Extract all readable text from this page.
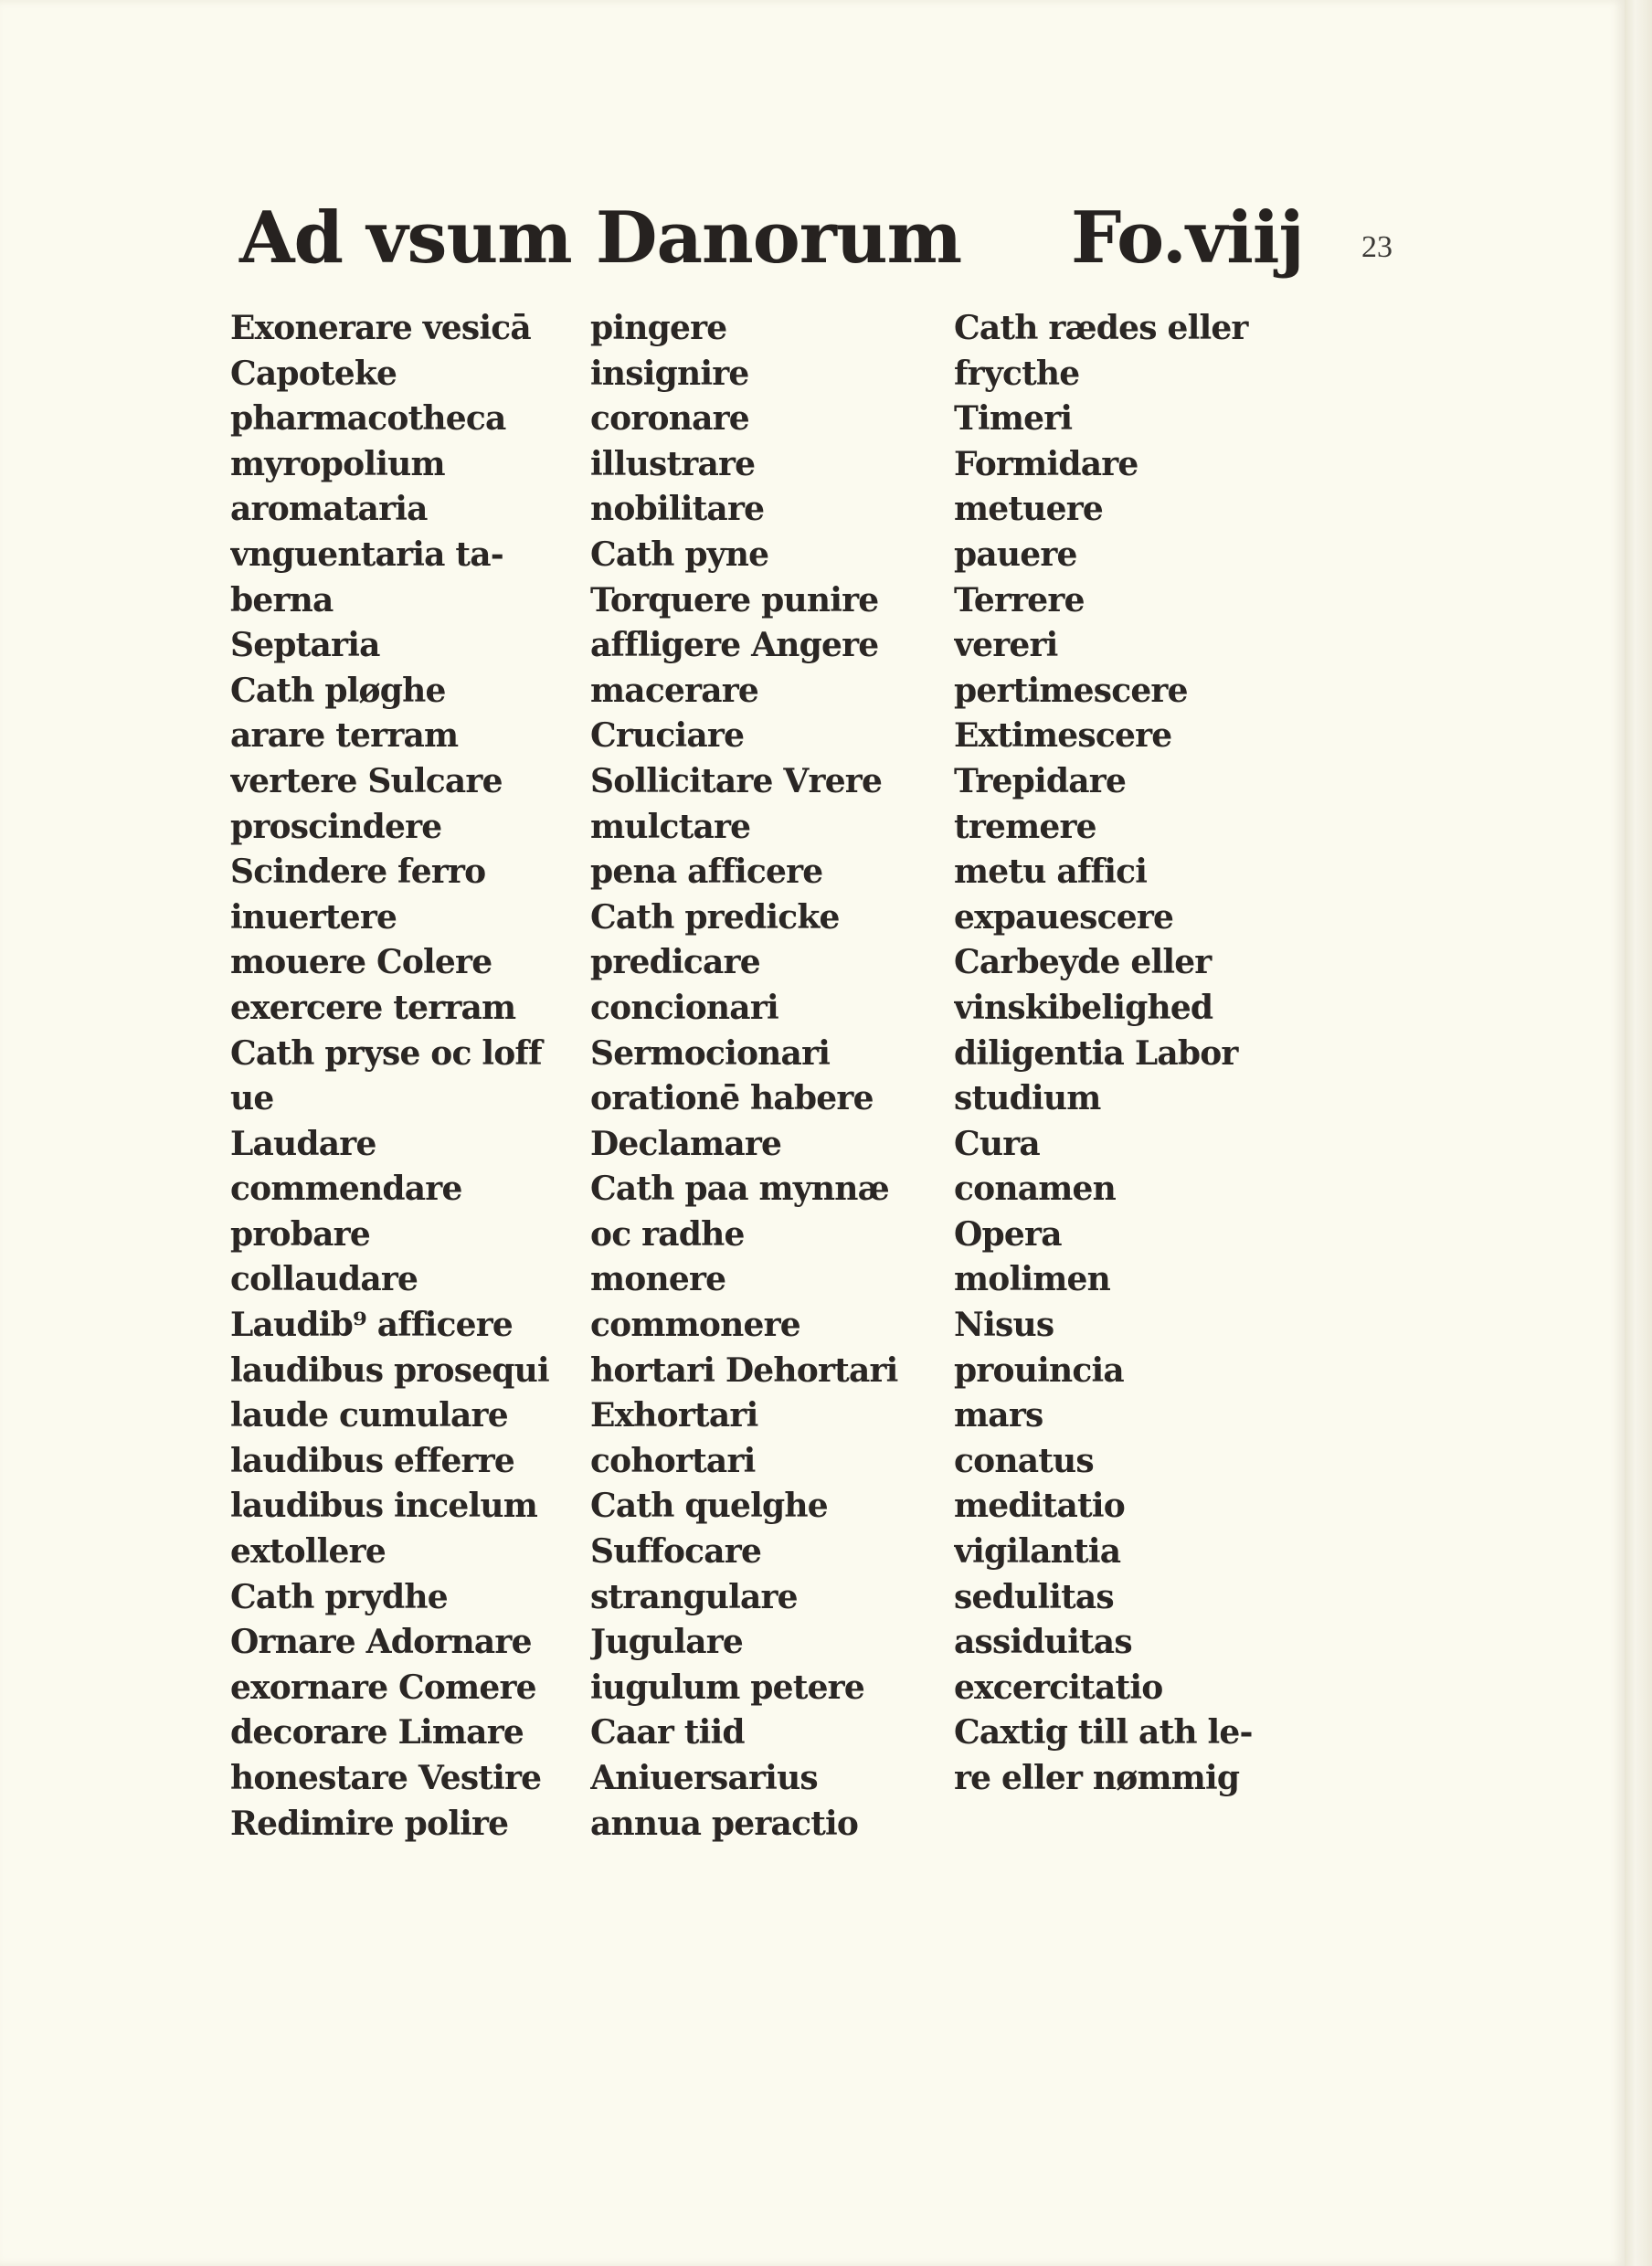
Ad vsum Danorum Fo.viij 23
Exonerare vesicā
Capoteke
pharmacotheca
myropolium
aromataria
vnguentaria ta-
berna
Septaria
Cath pløghe
arare terram
vertere Sulcare
proscindere
Scindere ferro
inuertere
mouere Colere
exercere terram
Cath pryse oc loff
ue
Laudare
commendare
probare
collaudare
Laudib⁹ afficere
laudibus prosequi
laude cumulare
laudibus efferre
laudibus incelum
extollere
Cath prydhe
Ornare Adornare
exornare Comere
decorare Limare
honestare Vestire
Redimire polire
pingere
insignire
coronare
illustrare
nobilitare
Cath pyne
Torquere punire
affligere Angere
macerare
Cruciare
Sollicitare Vrere
mulctare
pena afficere
Cath predicke
predicare
concionari
Sermocionari
orationē habere
Declamare
Cath paa mynnæ
oc radhe
monere
commonere
hortari Dehortari
Exhortari
cohortari
Cath quelghe
Suffocare
strangulare
Jugulare
iugulum petere
Caar tiid
Aniuersarius
annua peractio
Cath rædes eller
frycthe
Timeri
Formidare
metuere
pauere
Terrere
vereri
pertimescere
Extimescere
Trepidare
tremere
metu affici
expauescere
Carbeyde eller
vinskibelighed
diligentia Labor
studium
Cura
conamen
Opera
molimen
Nisus
prouincia
mars
conatus
meditatio
vigilantia
sedulitas
assiduitas
excercitatio
Caxtig till ath le-
re eller nømmig
